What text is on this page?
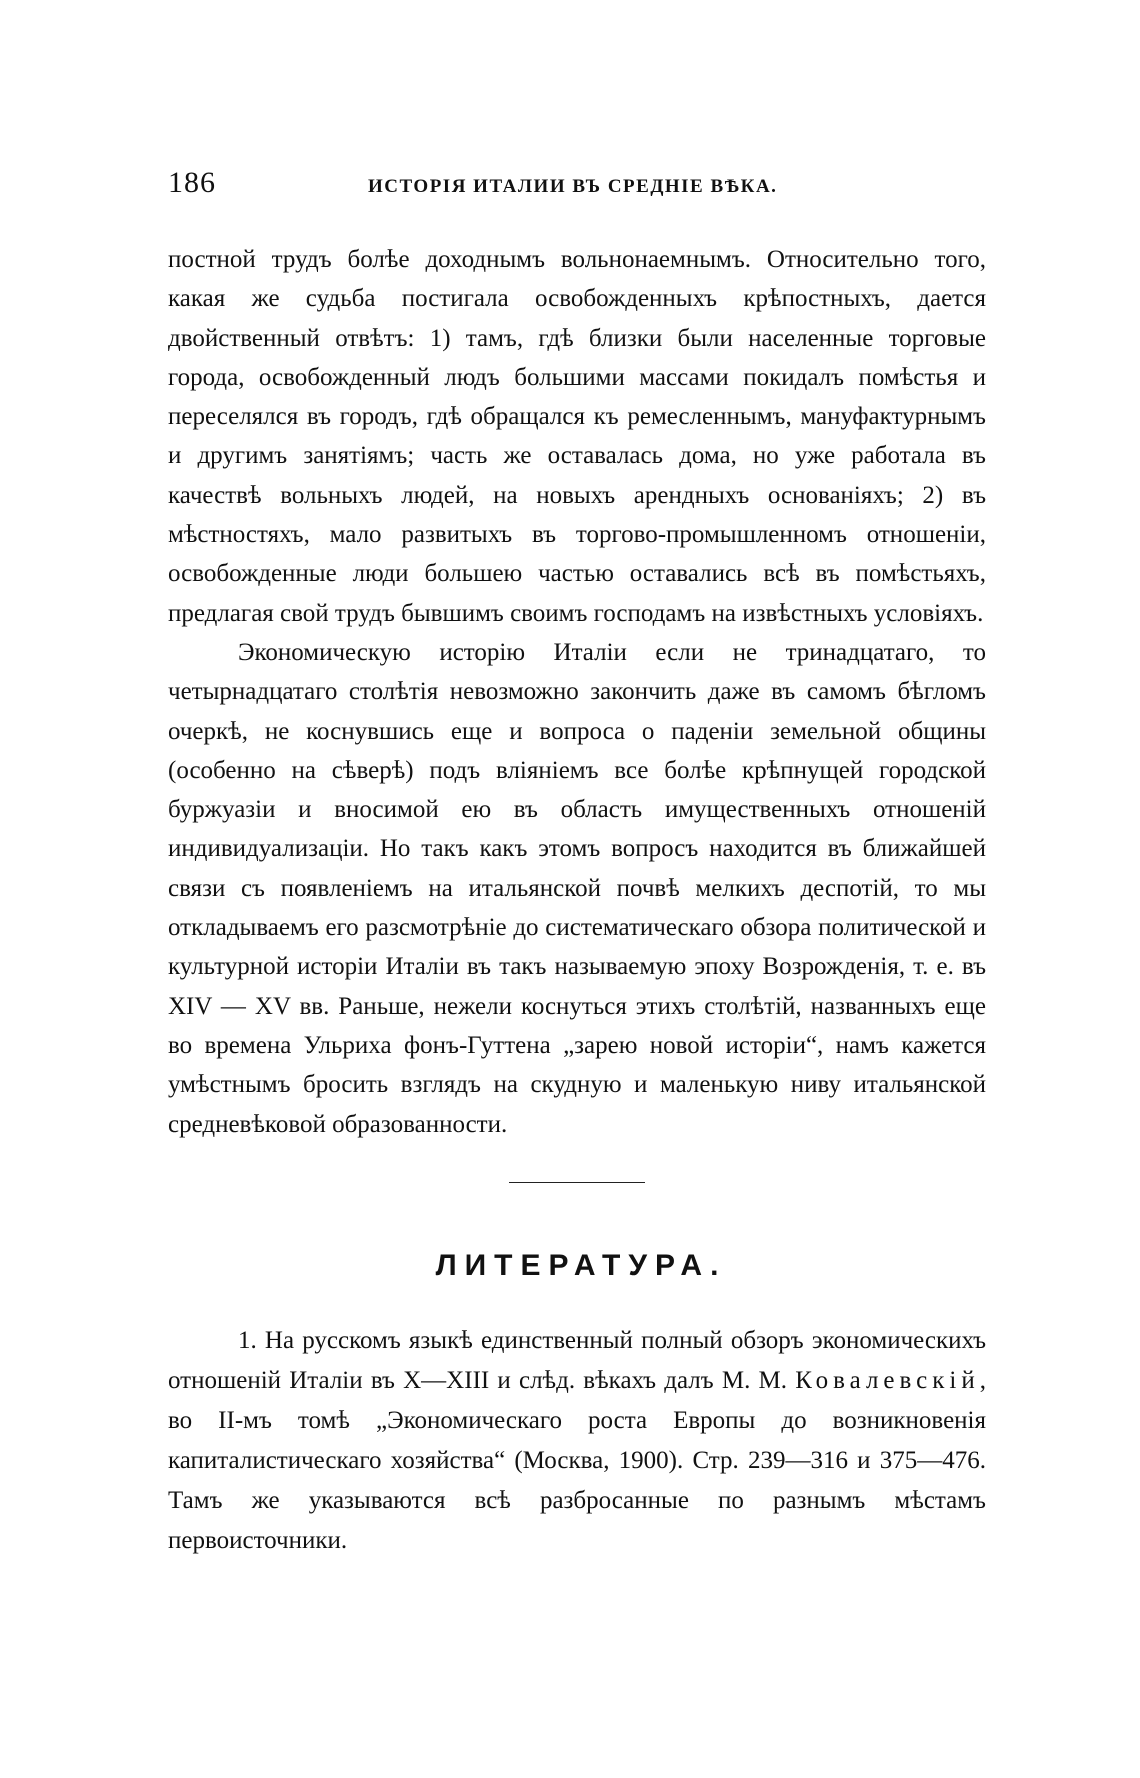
186	ИСТОРІЯ ИТАЛИИ ВЪ СРЕДНІЕ ВѢКА.

постной трудъ болѣе доходнымъ вольнонаемнымъ. Относительно того, какая же судьба постигала освобожденныхъ крѣпостныхъ, дается двойственный отвѣтъ: 1) тамъ, гдѣ близки были населенные торговые города, освобожденный людъ большими массами покидалъ помѣстья и переселялся въ городъ, гдѣ обращался къ ремесленнымъ, мануфактурнымъ и другимъ занятіямъ; часть же оставалась дома, но уже работала въ качествѣ вольныхъ людей, на новыхъ арендныхъ основаніяхъ; 2) въ мѣстностяхъ, мало развитыхъ въ торгово-промышленномъ отношеніи, освобожденные люди большею частью оставались всѣ въ помѣстьяхъ, предлагая свой трудъ бывшимъ своимъ господамъ на извѣстныхъ условіяхъ.

Экономическую исторію Италіи если не тринадцатаго, то четырнадцатаго столѣтія невозможно закончить даже въ самомъ бѣгломъ очеркѣ, не коснувшись еще и вопроса о паденіи земельной общины (особенно на сѣверѣ) подъ вліяніемъ все болѣе крѣпнущей городской буржуазіи и вносимой ею въ область имущественныхъ отношеній индивидуализаціи. Но такъ какъ этомъ вопросъ находится въ ближайшей связи съ появленіемъ на итальянской почвѣ мелкихъ деспотій, то мы откладываемъ его разсмотрѣніе до систематическаго обзора политической и культурной исторіи Италіи въ такъ называемую эпоху Возрожденія, т. е. въ XIV — XV вв. Раньше, нежели коснуться этихъ столѣтій, названныхъ еще во времена Ульриха фонъ-Гуттена „зарею новой исторіи“, намъ кажется умѣстнымъ бросить взглядъ на скудную и маленькую ниву итальянской средневѣковой образованности.

ЛИТЕРАТУРА.

1. На русскомъ языкѣ единственный полный обзоръ экономическихъ отношеній Италіи въ X—XIII и слѣд. вѣкахъ далъ М. М. Ковалевскій, во II-мъ томѣ „Экономическаго роста Европы до возникновенія капиталистическаго хозяйства“ (Москва, 1900). Стр. 239—316 и 375—476. Тамъ же указываются всѣ разбросанные по разнымъ мѣстамъ первоисточники.
